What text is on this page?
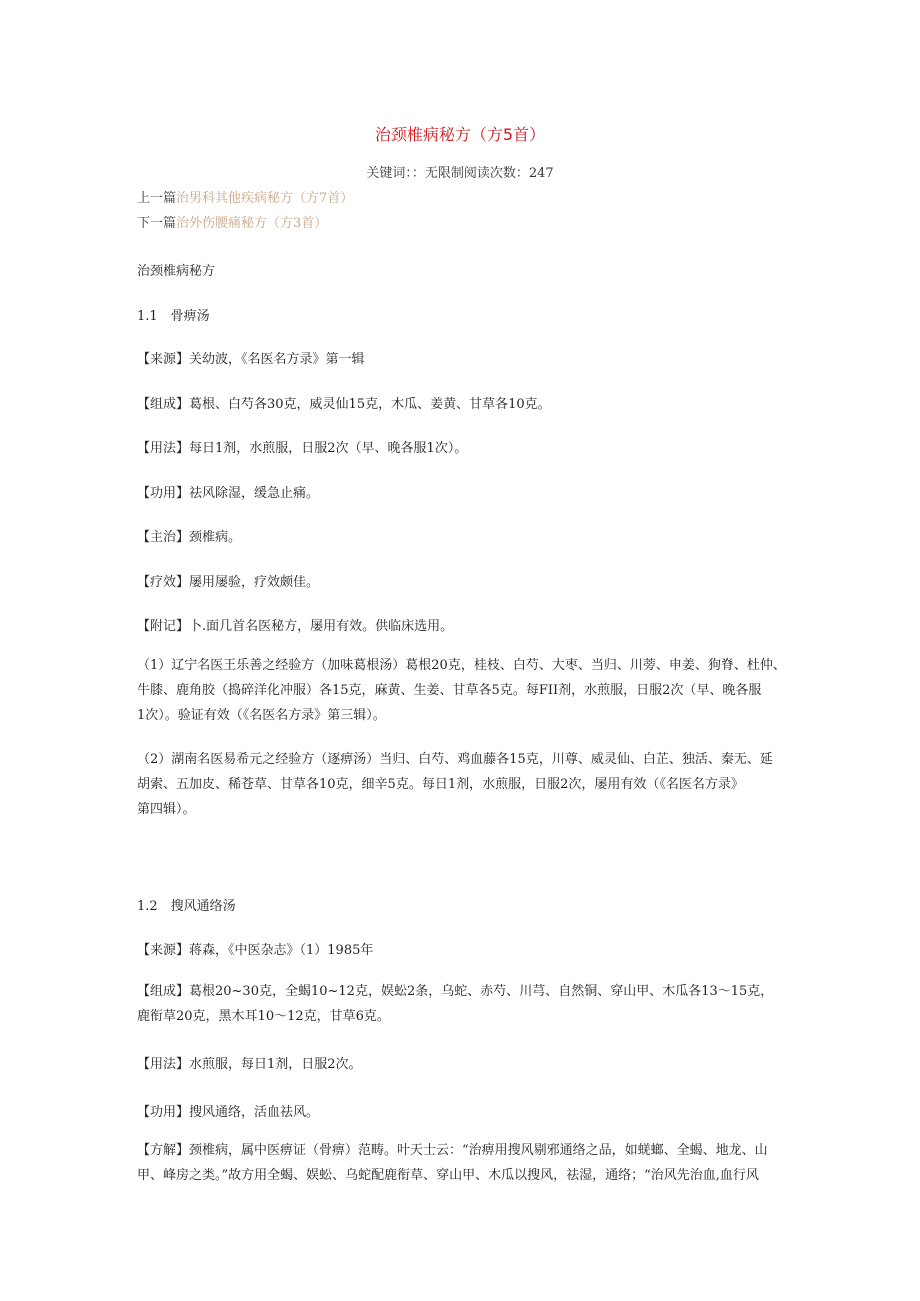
治颈椎病秘方（方5首）
关键词：：无限制阅读次数：247
上一篇治男科其他疾病秘方（方7首）
下一篇治外伤腰痛秘方（方3首）
治颈椎病秘方
1.1　骨痹汤
【来源】关幼波，《名医名方录》第一辑
【组成】葛根、白芍各30克，威灵仙15克，木瓜、姜黄、甘草各10克。
【用法】每日1剂，水煎服，日服2次（早、晚各服1次）。
【功用】祛风除湿，缓急止痛。
【主治】颈椎病。
【疗效】屡用屡验，疗效颇佳。
【附记】卜.面几首名医秘方，屡用有效。供临床选用。
（1）辽宁名医王乐善之经验方（加味葛根汤）葛根20克，桂枝、白芍、大枣、当归、川蒡、申姜、狗脊、杜仲、
牛膝、鹿角胶（捣碎洋化冲服）各15克，麻黄、生姜、甘草各5克。每FII剂，水煎服，日服2次（早、晚各服
1次）。验证有效（《名医名方录》第三辑）。
（2）湖南名医易希元之经验方（逐痹汤）当归、白芍、鸡血藤各15克，川尊、威灵仙、白芷、独活、秦无、延
胡索、五加皮、稀苍草、甘草各10克，细辛5克。每日1剂，水煎服，日服2次，屡用有效（《名医名方录》
第四辑）。
1.2　搜风通络汤
【来源】蒋森，《中医杂志》（1）1985年
【组成】葛根20~30克，全蝎10~12克，娱蚣2条，乌蛇、赤芍、川芎、自然铜、穿山甲、木瓜各13～15克，
鹿衔草20克，黑木耳10～12克，甘草6克。
【用法】水煎服，每日1剂，日服2次。
【功用】搜风通络，活血祛风。
【方解】颈椎病，属中医痹证（骨痹）范畴。叶天士云：“治痹用搜风剔邪通络之品，如蜣螂、全蝎、地龙、山
甲、峰房之类。”故方用全蝎、娱蚣、乌蛇配鹿衔草、穿山甲、木瓜以搜风，祛湿，通络；“治风先治血,血行风
